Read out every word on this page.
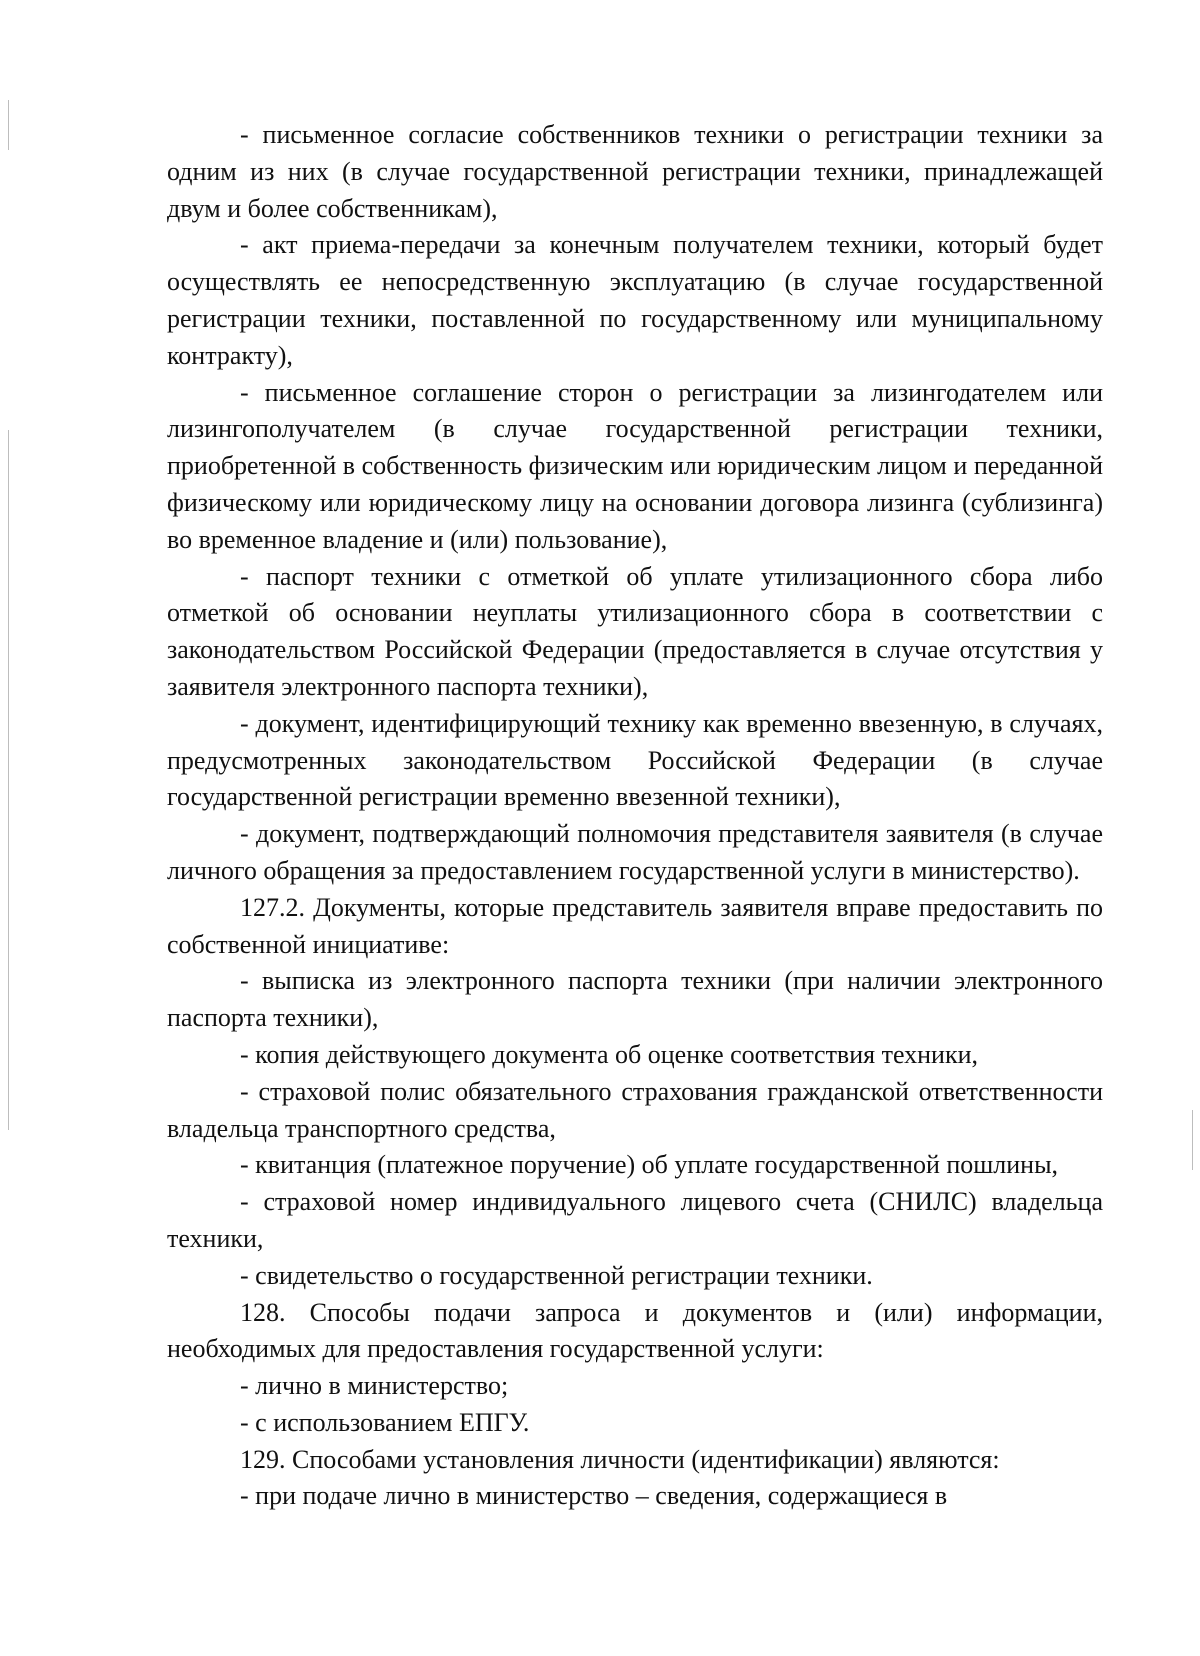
- письменное согласие собственников техники о регистрации техники за одним из них (в случае государственной регистрации техники, принадлежащей двум и более собственникам),

- акт приема-передачи за конечным получателем техники, который будет осуществлять ее непосредственную эксплуатацию (в случае государственной регистрации техники, поставленной по государственному или муниципальному контракту),

- письменное соглашение сторон о регистрации за лизингодателем или лизингополучателем (в случае государственной регистрации техники, приобретенной в собственность физическим или юридическим лицом и переданной физическому или юридическому лицу на основании договора лизинга (сублизинга) во временное владение и (или) пользование),

- паспорт техники с отметкой об уплате утилизационного сбора либо отметкой об основании неуплаты утилизационного сбора в соответствии с законодательством Российской Федерации (предоставляется в случае отсутствия у заявителя электронного паспорта техники),

- документ, идентифицирующий технику как временно ввезенную, в случаях, предусмотренных законодательством Российской Федерации (в случае государственной регистрации временно ввезенной техники),

- документ, подтверждающий полномочия представителя заявителя (в случае личного обращения за предоставлением государственной услуги в министерство).

127.2. Документы, которые представитель заявителя вправе предоставить по собственной инициативе:

- выписка из электронного паспорта техники (при наличии электронного паспорта техники),

- копия действующего документа об оценке соответствия техники,

- страховой полис обязательного страхования гражданской ответственности владельца транспортного средства,

- квитанция (платежное поручение) об уплате государственной пошлины,

- страховой номер индивидуального лицевого счета (СНИЛС) владельца техники,

- свидетельство о государственной регистрации техники.

128. Способы подачи запроса и документов и (или) информации, необходимых для предоставления государственной услуги:

- лично в министерство;

- с использованием ЕПГУ.

129. Способами установления личности (идентификации) являются:

- при подаче лично в министерство – сведения, содержащиеся в
